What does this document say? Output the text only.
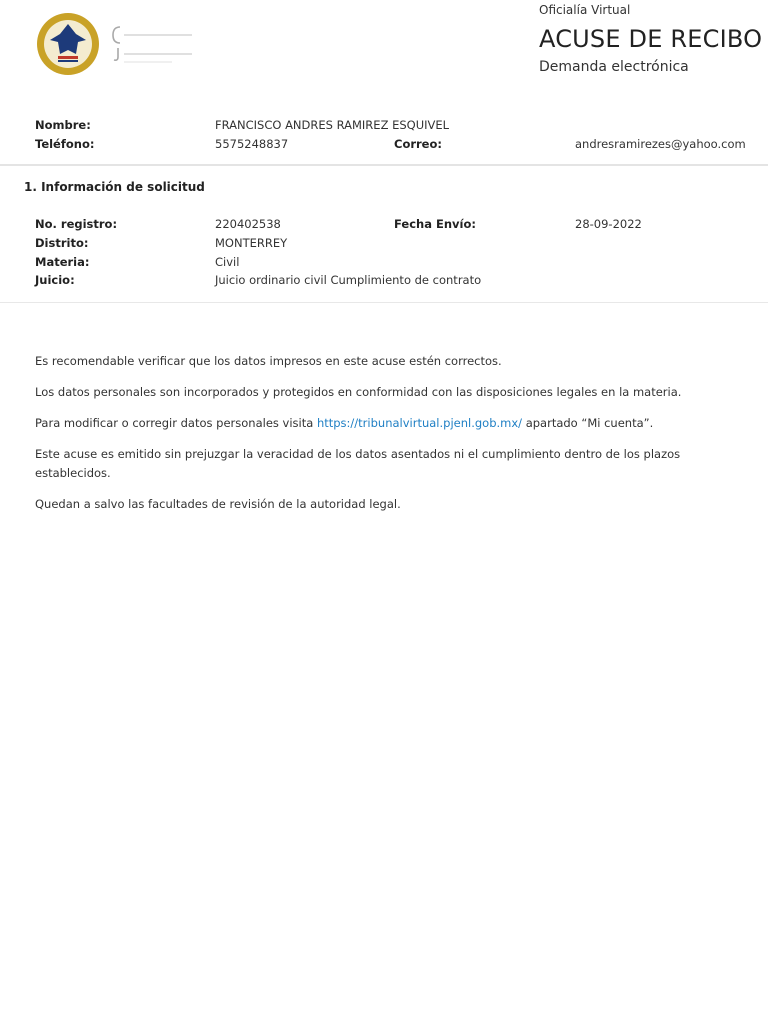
Oficialía Virtual
ACUSE DE RECIBO
Demanda electrónica
Nombre:	FRANCISCO ANDRES RAMIREZ ESQUIVEL
Teléfono:	5575248837	Correo:	andresramirezes@yahoo.com
1. Información de solicitud
No. registro:	220402538	Fecha Envío:	28-09-2022
Distrito:	MONTERREY
Materia:	Civil
Juicio:	Juicio ordinario civil Cumplimiento de contrato

Es recomendable verificar que los datos impresos en este acuse estén correctos.

Los datos personales son incorporados y protegidos en conformidad con las disposiciones legales en la materia.

Para modificar o corregir datos personales visita https://tribunalvirtual.pjenl.gob.mx/ apartado “Mi cuenta”.

Este acuse es emitido sin prejuzgar la veracidad de los datos asentados ni el cumplimiento dentro de los plazos establecidos.

Quedan a salvo las facultades de revisión de la autoridad legal.
